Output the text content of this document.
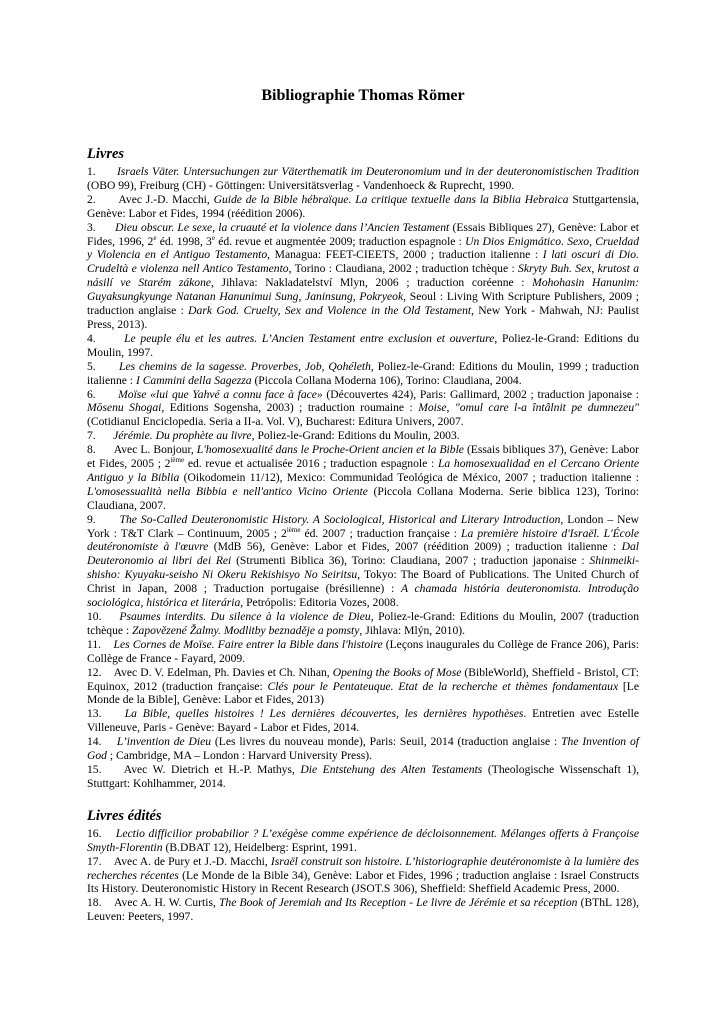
Bibliographie Thomas Römer
Livres

1.      Israels Väter. Untersuchungen zur Väterthematik im Deuteronomium und in der deuteronomistischen Tradition (OBO 99), Freiburg (CH) - Göttingen: Universitätsverlag - Vandenhoeck & Ruprecht, 1990.

2.      Avec J.-D. Macchi, Guide de la Bible hébraïque. La critique textuelle dans la Biblia Hebraica Stuttgartensia, Genève: Labor et Fides, 1994 (réédition 2006).

3.      Dieu obscur. Le sexe, la cruauté et la violence dans l’Ancien Testament (Essais Bibliques 27), Genève: Labor et Fides, 1996, 2e éd. 1998, 3e éd. revue et augmentée 2009; traduction espagnole : Un Dios Enigmático. Sexo, Crueldad y Violencia en el Antiguo Testamento, Managua: FEET-CIEETS, 2000 ; traduction italienne : I lati oscuri di Dio. Crudeltà e violenza nell Antico Testamento, Torino : Claudiana, 2002 ; traduction tchèque : Skryty Buh. Sex, krutost a násilí ve Starém zákone, Jihlava: Nakladatelství Mlyn, 2006 ; traduction coréenne : Mohohasin Hanunim: Guyaksungkyunge Natanan Hanunimui Sung, Janinsung, Pokryeok, Seoul : Living With Scripture Publishers, 2009 ; traduction anglaise : Dark God. Cruelty, Sex and Violence in the Old Testament, New York - Mahwah, NJ: Paulist Press, 2013).

4.      Le peuple élu et les autres. L’Ancien Testament entre exclusion et ouverture, Poliez-le-Grand: Editions du Moulin, 1997.

5.      Les chemins de la sagesse. Proverbes, Job, Qohéleth, Poliez-le-Grand: Editions du Moulin, 1999 ; traduction italienne : I Cammini della Sagezza (Piccola Collana Moderna 106), Torino: Claudiana, 2004.

6.      Moïse «lui que Yahvé a connu face à face» (Découvertes 424), Paris: Gallimard, 2002 ; traduction japonaise : Mōsenu Shogai, Editions Sogensha, 2003) ; traduction roumaine : Moise, "omul care l-a întâlnit pe dumnezeu" (Cotidianul Enciclopedia. Seria a II-a. Vol. V), Bucharest: Editura Univers, 2007.

7.      Jérémie. Du prophète au livre, Poliez-le-Grand: Editions du Moulin, 2003.

8.      Avec L. Bonjour, L'homosexualité dans le Proche-Orient ancien et la Bible (Essais bibliques 37), Genève: Labor et Fides, 2005 ; 2ième ed. revue et actualisée 2016 ; traduction espagnole : La homosexualidad en el Cercano Oriente Antiguo y la Biblia (Oikodomein 11/12), Mexico: Communidad Teológica de México, 2007 ; traduction italienne : L'omosessualità nella Bibbia e nell'antico Vicino Oriente (Piccola Collana Moderna. Serie biblica 123), Torino: Claudiana, 2007.

9.      The So-Called Deuteronomistic History. A Sociological, Historical and Literary Introduction, London – New York : T&T Clark – Continuum, 2005 ; 2ième éd. 2007 ; traduction française : La première histoire d'Israël. L'École deutéronomiste à l'œuvre (MdB 56), Genève: Labor et Fides, 2007 (réédition 2009) ; traduction italienne : Dal Deuteronomio ai libri dei Rei (Strumenti Biblica 36), Torino: Claudiana, 2007 ; traduction japonaise : Shinmeiki-shisho: Kyuyaku-seisho Ni Okeru Rekishisyo No Seiritsu, Tokyo: The Board of Publications. The United Church of Christ in Japan, 2008 ; Traduction portugaise (brésilienne) : A chamada história deuteronomista. Introdução sociológica, histórica et literária, Petrópolis: Editoria Vozes, 2008.

10.    Psaumes interdits. Du silence à la violence de Dieu, Poliez-le-Grand: Editions du Moulin, 2007 (traduction tchèque : Zapovězené Žalmy. Modlitby beznaděje a pomsty, Jihlava: Mlýn, 2010).

11.    Les Cornes de Moïse. Faire entrer la Bible dans l'histoire (Leçons inaugurales du Collège de France 206), Paris: Collège de France - Fayard, 2009.

12.    Avec D. V. Edelman, Ph. Davies et Ch. Nihan, Opening the Books of Mose (BibleWorld), Sheffield - Bristol, CT: Equinox, 2012 (traduction française: Clés pour le Pentateuque. Etat de la recherche et thèmes fondamentaux [Le Monde de la Bible], Genève: Labor et Fides, 2013)

13.    La Bible, quelles histoires ! Les dernières découvertes, les dernières hypothèses. Entretien avec Estelle Villeneuve, Paris - Genève: Bayard - Labor et Fides, 2014.

14.    L’invention de Dieu (Les livres du nouveau monde), Paris: Seuil, 2014 (traduction anglaise : The Invention of God ; Cambridge, MA – London : Harvard University Press).

15.    Avec W. Dietrich et H.-P. Mathys, Die Entstehung des Alten Testaments (Theologische Wissenschaft 1), Stuttgart: Kohlhammer, 2014.

Livres édités

16.    Lectio difficilior probabilior ? L’exégèse comme expérience de décloisonnement. Mélanges offerts à Françoise Smyth-Florentin (B.DBAT 12), Heidelberg: Esprint, 1991.

17.    Avec A. de Pury et J.-D. Macchi, Israël construit son histoire. L’historiographie deutéronomiste à la lumière des recherches récentes (Le Monde de la Bible 34), Genève: Labor et Fides, 1996 ; traduction anglaise : Israel Constructs Its History. Deuteronomistic History in Recent Research (JSOT.S 306), Sheffield: Sheffield Academic Press, 2000.

18.    Avec A. H. W. Curtis, The Book of Jeremiah and Its Reception - Le livre de Jérémie et sa réception (BThL 128), Leuven: Peeters, 1997.
